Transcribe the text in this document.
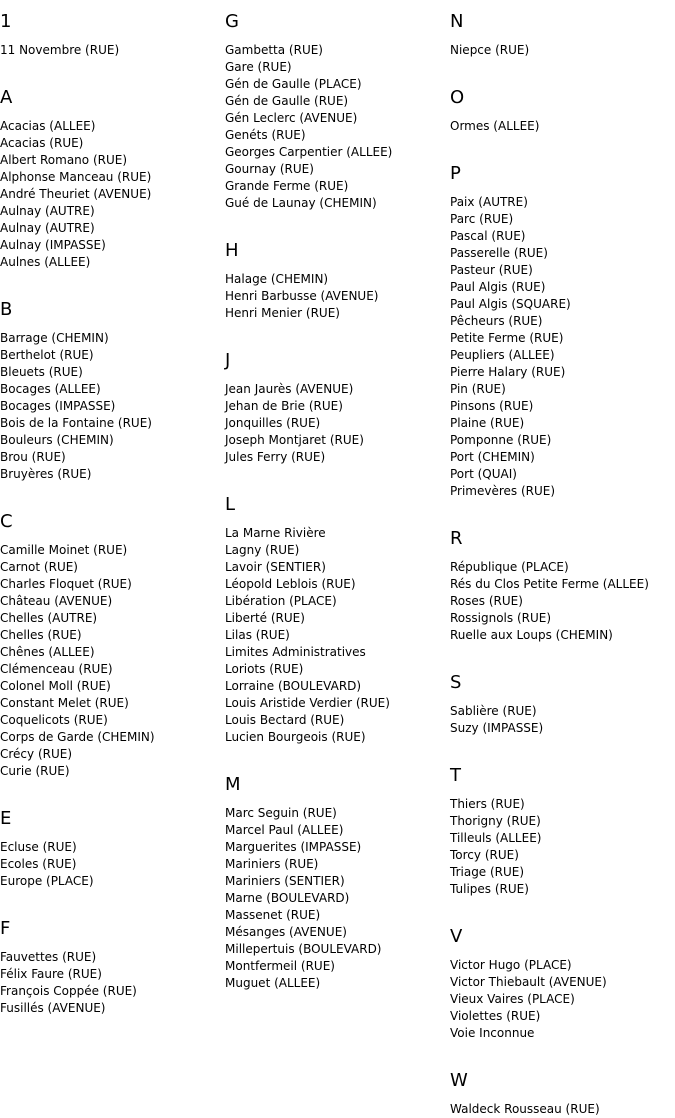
1
11 Novembre (RUE)
A
Acacias (ALLEE)
Acacias (RUE)
Albert Romano (RUE)
Alphonse Manceau (RUE)
André Theuriet (AVENUE)
Aulnay (AUTRE)
Aulnay (AUTRE)
Aulnay (IMPASSE)
Aulnes (ALLEE)
B
Barrage (CHEMIN)
Berthelot (RUE)
Bleuets (RUE)
Bocages (ALLEE)
Bocages (IMPASSE)
Bois de la Fontaine (RUE)
Bouleurs (CHEMIN)
Brou (RUE)
Bruyères (RUE)
C
Camille Moinet (RUE)
Carnot (RUE)
Charles Floquet (RUE)
Château (AVENUE)
Chelles (AUTRE)
Chelles (RUE)
Chênes (ALLEE)
Clémenceau (RUE)
Colonel Moll (RUE)
Constant Melet (RUE)
Coquelicots (RUE)
Corps de Garde (CHEMIN)
Crécy (RUE)
Curie (RUE)
E
Ecluse (RUE)
Ecoles (RUE)
Europe (PLACE)
F
Fauvettes (RUE)
Félix Faure (RUE)
François Coppée (RUE)
Fusillés (AVENUE)
G
Gambetta (RUE)
Gare (RUE)
Gén de Gaulle (PLACE)
Gén de Gaulle (RUE)
Gén Leclerc (AVENUE)
Genéts (RUE)
Georges Carpentier (ALLEE)
Gournay (RUE)
Grande Ferme (RUE)
Gué de Launay (CHEMIN)
H
Halage (CHEMIN)
Henri Barbusse (AVENUE)
Henri Menier (RUE)
J
Jean Jaurès (AVENUE)
Jehan de Brie (RUE)
Jonquilles (RUE)
Joseph Montjaret (RUE)
Jules Ferry (RUE)
L
La Marne Rivière
Lagny (RUE)
Lavoir (SENTIER)
Léopold Leblois (RUE)
Libération (PLACE)
Liberté (RUE)
Lilas (RUE)
Limites Administratives
Loriots (RUE)
Lorraine (BOULEVARD)
Louis Aristide Verdier (RUE)
Louis Bectard (RUE)
Lucien Bourgeois (RUE)
M
Marc Seguin (RUE)
Marcel Paul (ALLEE)
Marguerites (IMPASSE)
Mariniers (RUE)
Mariniers (SENTIER)
Marne (BOULEVARD)
Massenet (RUE)
Mésanges (AVENUE)
Millepertuis (BOULEVARD)
Montfermeil (RUE)
Muguet (ALLEE)
N
Niepce (RUE)
O
Ormes (ALLEE)
P
Paix (AUTRE)
Parc (RUE)
Pascal (RUE)
Passerelle (RUE)
Pasteur (RUE)
Paul Algis (RUE)
Paul Algis (SQUARE)
Pêcheurs (RUE)
Petite Ferme (RUE)
Peupliers (ALLEE)
Pierre Halary (RUE)
Pin (RUE)
Pinsons (RUE)
Plaine (RUE)
Pomponne (RUE)
Port (CHEMIN)
Port (QUAI)
Primevères (RUE)
R
République (PLACE)
Rés du Clos Petite Ferme (ALLEE)
Roses (RUE)
Rossignols (RUE)
Ruelle aux Loups (CHEMIN)
S
Sablière (RUE)
Suzy (IMPASSE)
T
Thiers (RUE)
Thorigny (RUE)
Tilleuls (ALLEE)
Torcy (RUE)
Triage (RUE)
Tulipes (RUE)
V
Victor Hugo (PLACE)
Victor Thiebault (AVENUE)
Vieux Vaires (PLACE)
Violettes (RUE)
Voie Inconnue
W
Waldeck Rousseau (RUE)
